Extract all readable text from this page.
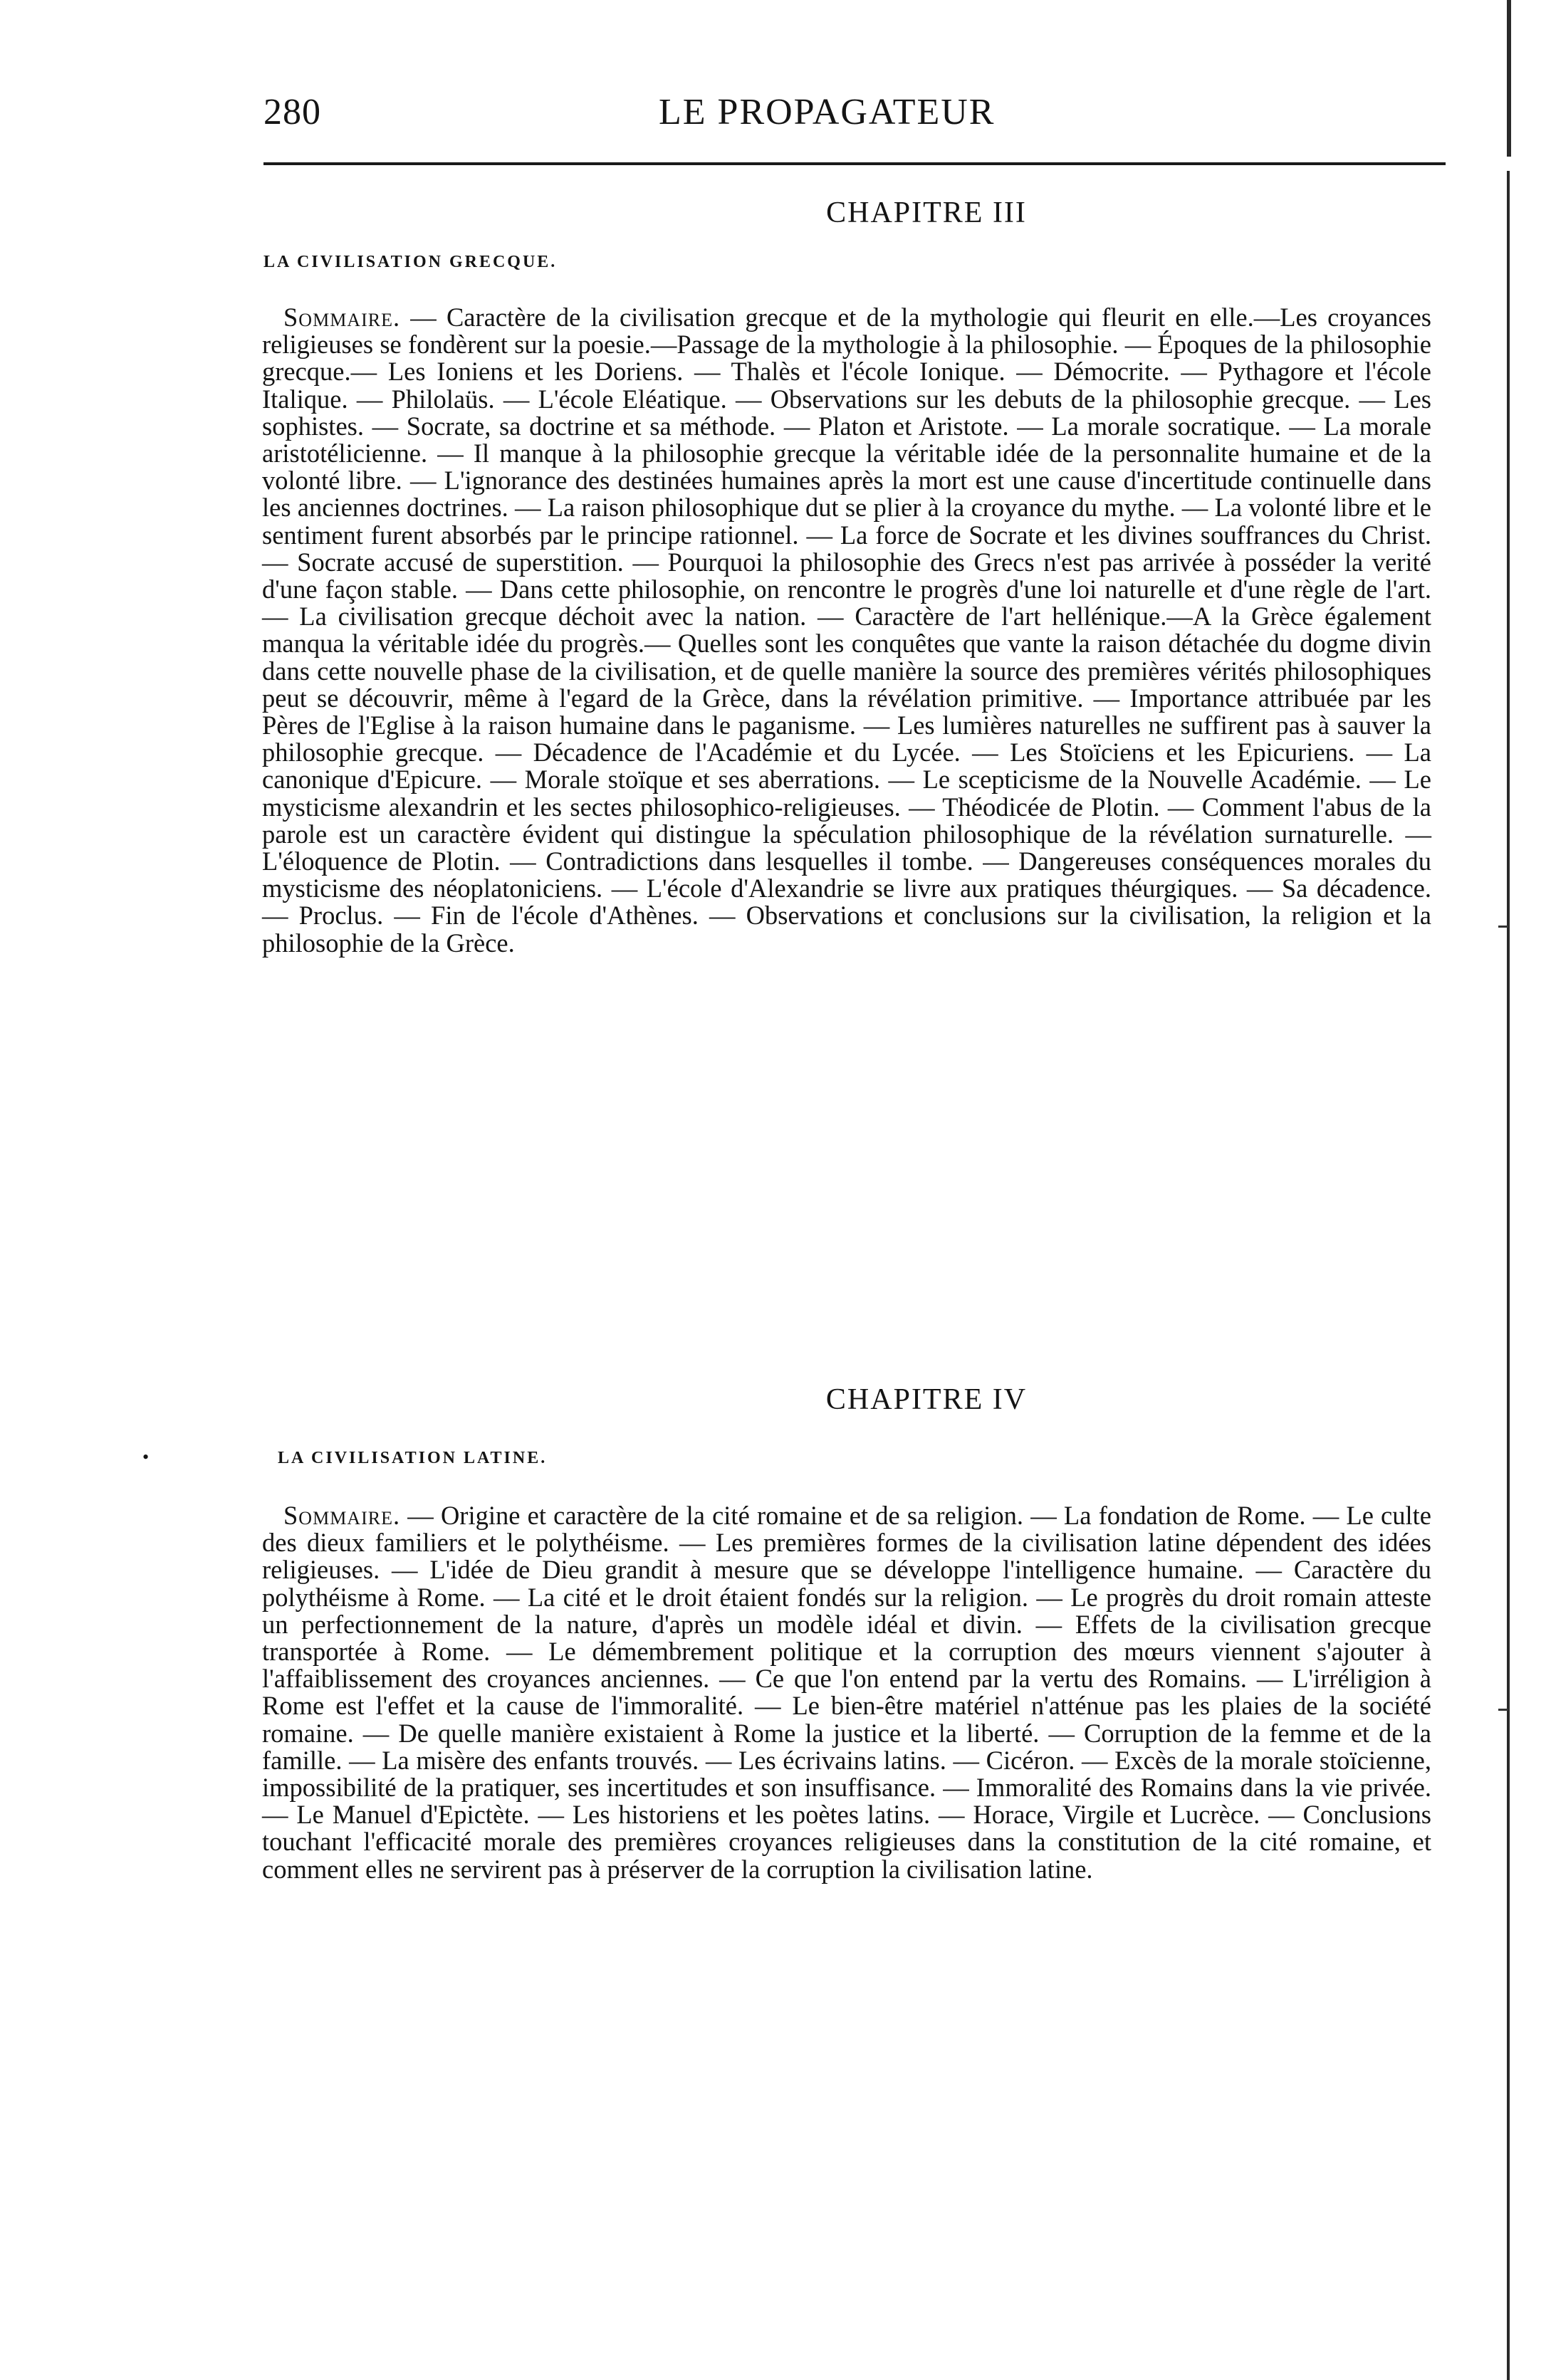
280	LE PROPAGATEUR
CHAPITRE III
LA CIVILISATION GRECQUE.

Sommaire. — Caractère de la civilisation grecque et de la mythologie qui fleurit en elle.—Les croyances religieuses se fondèrent sur la poesie.—Passage de la mythologie à la philosophie. — Époques de la philosophie grecque.— Les Ioniens et les Doriens. — Thalès et l'école Ionique. — Démocrite. — Pythagore et l'école Italique. — Philolaüs. — L'école Eléatique. — Observations sur les debuts de la philosophie grecque. — Les sophistes. — Socrate, sa doctrine et sa méthode. — Platon et Aristote. — La morale socratique. — La morale aristotélicienne. — Il manque à la philosophie grecque la véritable idée de la personnalite humaine et de la volonté libre. — L'ignorance des destinées humaines après la mort est une cause d'incertitude continuelle dans les anciennes doctrines. — La raison philosophique dut se plier à la croyance du mythe. — La volonté libre et le sentiment furent absorbés par le principe rationnel. — La force de Socrate et les divines souffrances du Christ. — Socrate accusé de superstition. — Pourquoi la philosophie des Grecs n'est pas arrivée à posséder la verité d'une façon stable. — Dans cette philosophie, on rencontre le progrès d'une loi naturelle et d'une règle de l'art. — La civilisation grecque déchoit avec la nation. — Caractère de l'art hellénique.—A la Grèce également manqua la véritable idée du progrès.— Quelles sont les conquêtes que vante la raison détachée du dogme divin dans cette nouvelle phase de la civilisation, et de quelle manière la source des premières vérités philosophiques peut se découvrir, même à l'egard de la Grèce, dans la révélation primitive. — Importance attribuée par les Pères de l'Eglise à la raison humaine dans le paganisme. — Les lumières naturelles ne suffirent pas à sauver la philosophie grecque. — Décadence de l'Académie et du Lycée. — Les Stoïciens et les Epicuriens. — La canonique d'Epicure. — Morale stoïque et ses aberrations. — Le scepticisme de la Nouvelle Académie. — Le mysticisme alexandrin et les sectes philosophico-religieuses. — Théodicée de Plotin. — Comment l'abus de la parole est un caractère évident qui distingue la spéculation philosophique de la révélation surnaturelle. — L'éloquence de Plotin. — Contradictions dans lesquelles il tombe. — Dangereuses conséquences morales du mysticisme des néoplatoniciens. — L'école d'Alexandrie se livre aux pratiques théurgiques. — Sa décadence. — Proclus. — Fin de l'école d'Athènes. — Observations et conclusions sur la civilisation, la religion et la philosophie de la Grèce.

CHAPITRE IV
•	LA CIVILISATION LATINE.

Sommaire. — Origine et caractère de la cité romaine et de sa religion. — La fondation de Rome. — Le culte des dieux familiers et le polythéisme. — Les premières formes de la civilisation latine dépendent des idées religieuses. — L'idée de Dieu grandit à mesure que se développe l'intelligence humaine. — Caractère du polythéisme à Rome. — La cité et le droit étaient fondés sur la religion. — Le progrès du droit romain atteste un perfectionnement de la nature, d'après un modèle idéal et divin. — Effets de la civilisation grecque transportée à Rome. — Le démembrement politique et la corruption des mœurs viennent s'ajouter à l'affaiblissement des croyances anciennes. — Ce que l'on entend par la vertu des Romains. — L'irréligion à Rome est l'effet et la cause de l'immoralité. — Le bien-être matériel n'atténue pas les plaies de la société romaine. — De quelle manière existaient à Rome la justice et la liberté. — Corruption de la femme et de la famille. — La misère des enfants trouvés. — Les écrivains latins. — Cicéron. — Excès de la morale stoïcienne, impossibilité de la pratiquer, ses incertitudes et son insuffisance. — Immoralité des Romains dans la vie privée. — Le Manuel d'Epictète. — Les historiens et les poètes latins. — Horace, Virgile et Lucrèce. — Conclusions touchant l'efficacité morale des premières croyances religieuses dans la constitution de la cité romaine, et comment elles ne servirent pas à préserver de la corruption la civilisation latine.
